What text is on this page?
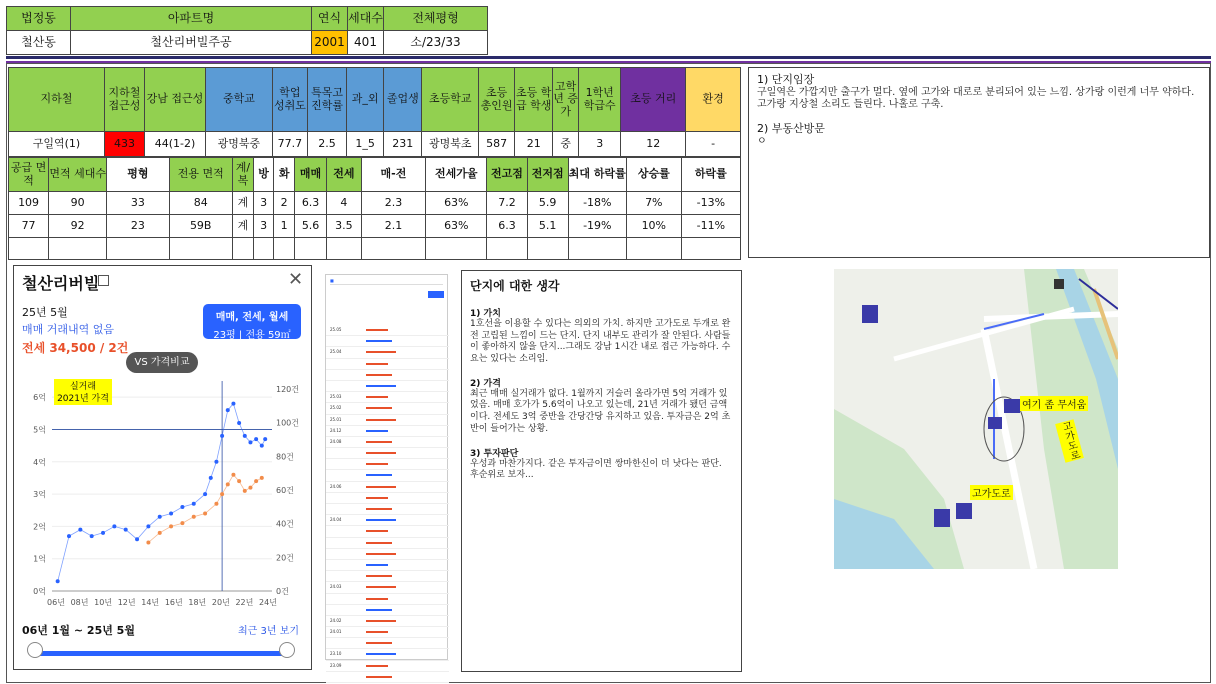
법정동	아파트명	연식	세대수	전체평형
철산동	철산리버빌주공	2001	401	소/23/33
지하철	지하철 접근성	강남 접근성	중학교	학업 성취도	특목고 진학률	과_외	졸업생	초등학교	초등 총인원	초등 학급 학생	고학년 증가	1학년 학급수	초등 거리	환경
구일역(1)	433	44(1-2)	광명북중	77.7	2.5	1_5	231	광명북초	587	21	중	3	12	-
공급 면적	면적 세대수	평형	전용 면적	계/복	방	화	매매	전세	매-전	전세가율	전고점	전저점	최대 하락률	상승률	하락률
109	90	33	84	계	3	2	6.3	4	2.3	63%	7.2	5.9	-18%	7%	-13%
77	92	23	59B	계	3	1	5.6	3.5	2.1	63%	6.3	5.1	-19%	10%	-11%

1) 단지임장

구일역은 가깝지만 출구가 멀다. 옆에 고가와 대로로 분리되어 있는 느낌. 상가랑 이런게 너무 약하다. 고가랑 지상철 소리도 들린다. 나홀로 구축.

2) 부동산방문

ㅇ

철산리버빌	✕
25년 5월
매매 거래내역 없음
전세 34,500 / 2건
매매, 전세, 월세
23평 | 전용 59㎡
VS 가격비교
6억
5억
4억
3억
2억
1억
0억
120건
100건
80건
60건
40건
20건
0건
06년 08년 10년 12년 14년 16년 18년 20년 22년 24년
실거래
2021년 가격
06년 1월 ~ 25년 5월	최근 3년 보기
■
25.05
25.04
25.03
25.02
25.01
24.12
24.08
24.06
24.04
24.03
24.02
24.01
23.10
23.09
단지에 대한 생각

1) 가치

1호선을 이용할 수 있다는 의외의 가치. 하지만 고가도로 두개로 완전 고립된 느낌이 드는 단지. 단지 내부도 관리가 잘 안된다. 사람들이 좋아하지 않을 단지...그래도 강남 1시간 내로 접근 가능하다. 수요는 있다는 소리임.

2) 가격

최근 매매 실거래가 없다. 1월까지 거슬러 올라가면 5억 거래가 있었음. 매매 호가가 5.6억이 나오고 있는데, 21년 거래가 됐던 금액이다. 전세도 3억 중반을 간당간당 유지하고 있음. 투자금은 2억 초반이 들어가는 상황.

3) 투자판단

우성과 마찬가지다. 같은 투자금이면 쌍마한신이 더 낫다는 판단. 후순위로 보자...

여기 좀 무서움
고가도로
고가도로
